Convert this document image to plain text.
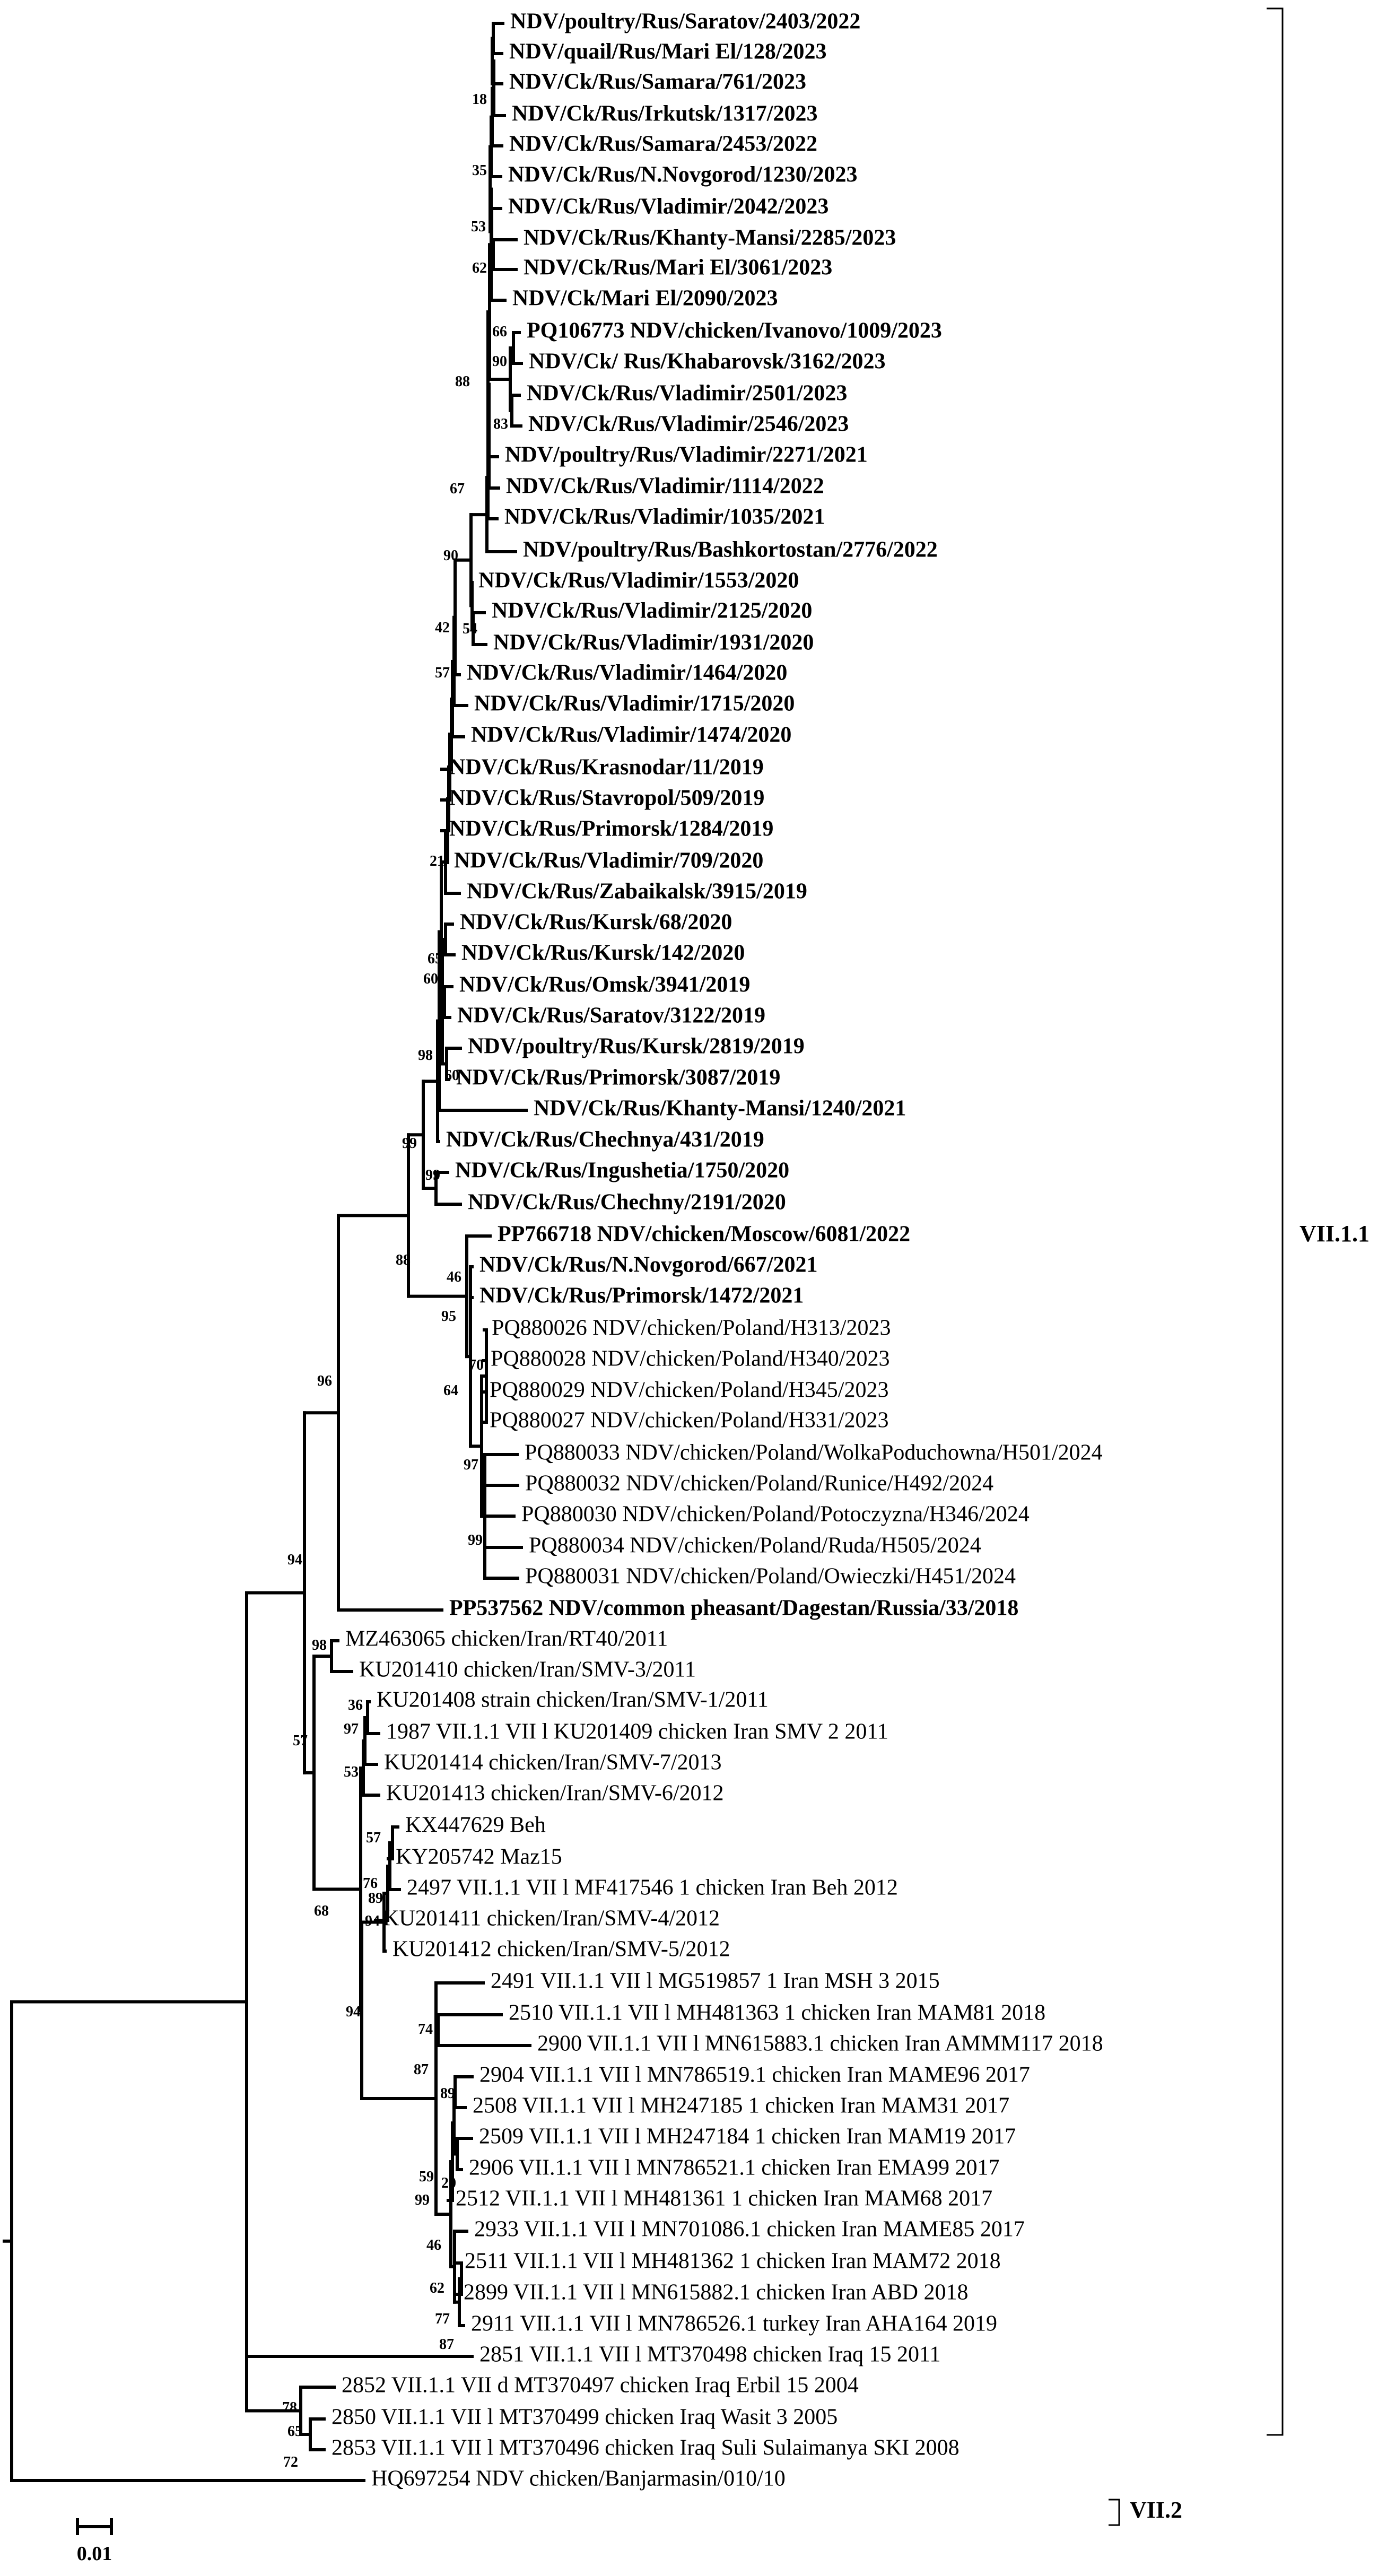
18
35
53
62
66
90
83
88
67
90
54
42
57
21
65
60
60
98
99
99
88
46
95
70
64
97
99
96
94
98
57
36
97
53
57
76
89
94
68
94
74
87
89
20
59
99
46
62
77
87
78
65
72
NDV/poultry/Rus/Saratov/2403/2022
NDV/quail/Rus/Mari El/128/2023
NDV/Ck/Rus/Samara/761/2023
NDV/Ck/Rus/Irkutsk/1317/2023
NDV/Ck/Rus/Samara/2453/2022
NDV/Ck/Rus/N.Novgorod/1230/2023
NDV/Ck/Rus/Vladimir/2042/2023
NDV/Ck/Rus/Khanty-Mansi/2285/2023
NDV/Ck/Rus/Mari El/3061/2023
NDV/Ck/Mari El/2090/2023
PQ106773 NDV/chicken/Ivanovo/1009/2023
NDV/Ck/ Rus/Khabarovsk/3162/2023
NDV/Ck/Rus/Vladimir/2501/2023
NDV/Ck/Rus/Vladimir/2546/2023
NDV/poultry/Rus/Vladimir/2271/2021
NDV/Ck/Rus/Vladimir/1114/2022
NDV/Ck/Rus/Vladimir/1035/2021
NDV/poultry/Rus/Bashkortostan/2776/2022
NDV/Ck/Rus/Vladimir/1553/2020
NDV/Ck/Rus/Vladimir/2125/2020
NDV/Ck/Rus/Vladimir/1931/2020
NDV/Ck/Rus/Vladimir/1464/2020
NDV/Ck/Rus/Vladimir/1715/2020
NDV/Ck/Rus/Vladimir/1474/2020
NDV/Ck/Rus/Krasnodar/11/2019
NDV/Ck/Rus/Stavropol/509/2019
NDV/Ck/Rus/Primorsk/1284/2019
NDV/Ck/Rus/Vladimir/709/2020
NDV/Ck/Rus/Zabaikalsk/3915/2019
NDV/Ck/Rus/Kursk/68/2020
NDV/Ck/Rus/Kursk/142/2020
NDV/Ck/Rus/Omsk/3941/2019
NDV/Ck/Rus/Saratov/3122/2019
NDV/poultry/Rus/Kursk/2819/2019
NDV/Ck/Rus/Primorsk/3087/2019
NDV/Ck/Rus/Khanty-Mansi/1240/2021
NDV/Ck/Rus/Chechnya/431/2019
NDV/Ck/Rus/Ingushetia/1750/2020
NDV/Ck/Rus/Chechny/2191/2020
PP766718 NDV/chicken/Moscow/6081/2022
NDV/Ck/Rus/N.Novgorod/667/2021
NDV/Ck/Rus/Primorsk/1472/2021
PQ880026 NDV/chicken/Poland/H313/2023
PQ880028 NDV/chicken/Poland/H340/2023
PQ880029 NDV/chicken/Poland/H345/2023
PQ880027 NDV/chicken/Poland/H331/2023
PQ880033 NDV/chicken/Poland/WolkaPoduchowna/H501/2024
PQ880032 NDV/chicken/Poland/Runice/H492/2024
PQ880030 NDV/chicken/Poland/Potoczyzna/H346/2024
PQ880034 NDV/chicken/Poland/Ruda/H505/2024
PQ880031 NDV/chicken/Poland/Owieczki/H451/2024
PP537562 NDV/common pheasant/Dagestan/Russia/33/2018
MZ463065 chicken/Iran/RT40/2011
KU201410 chicken/Iran/SMV-3/2011
KU201408 strain chicken/Iran/SMV-1/2011
1987 VII.1.1 VII l KU201409 chicken Iran SMV 2 2011
KU201414 chicken/Iran/SMV-7/2013
KU201413 chicken/Iran/SMV-6/2012
KX447629 Beh
KY205742 Maz15
2497 VII.1.1 VII l MF417546 1 chicken Iran Beh 2012
KU201411 chicken/Iran/SMV-4/2012
KU201412 chicken/Iran/SMV-5/2012
2491 VII.1.1 VII l MG519857 1 Iran MSH 3 2015
2510 VII.1.1 VII l MH481363 1 chicken Iran MAM81 2018
2900 VII.1.1 VII l MN615883.1 chicken Iran AMMM117 2018
2904 VII.1.1 VII l MN786519.1 chicken Iran MAME96 2017
2508 VII.1.1 VII l MH247185 1 chicken Iran MAM31 2017
2509 VII.1.1 VII l MH247184 1 chicken Iran MAM19 2017
2906 VII.1.1 VII l MN786521.1 chicken Iran EMA99 2017
2512 VII.1.1 VII l MH481361 1 chicken Iran MAM68 2017
2933 VII.1.1 VII l MN701086.1 chicken Iran MAME85 2017
2511 VII.1.1 VII l MH481362 1 chicken Iran MAM72 2018
2899 VII.1.1 VII l MN615882.1 chicken Iran ABD 2018
2911 VII.1.1 VII l MN786526.1 turkey Iran AHA164 2019
2851 VII.1.1 VII l MT370498 chicken Iraq 15 2011
2852 VII.1.1 VII d MT370497 chicken Iraq Erbil 15 2004
2850 VII.1.1 VII l MT370499 chicken Iraq Wasit 3 2005
2853 VII.1.1 VII l MT370496 chicken Iraq Suli Sulaimanya SKI 2008
HQ697254 NDV chicken/Banjarmasin/010/10
VII.1.1
VII.2
0.01
